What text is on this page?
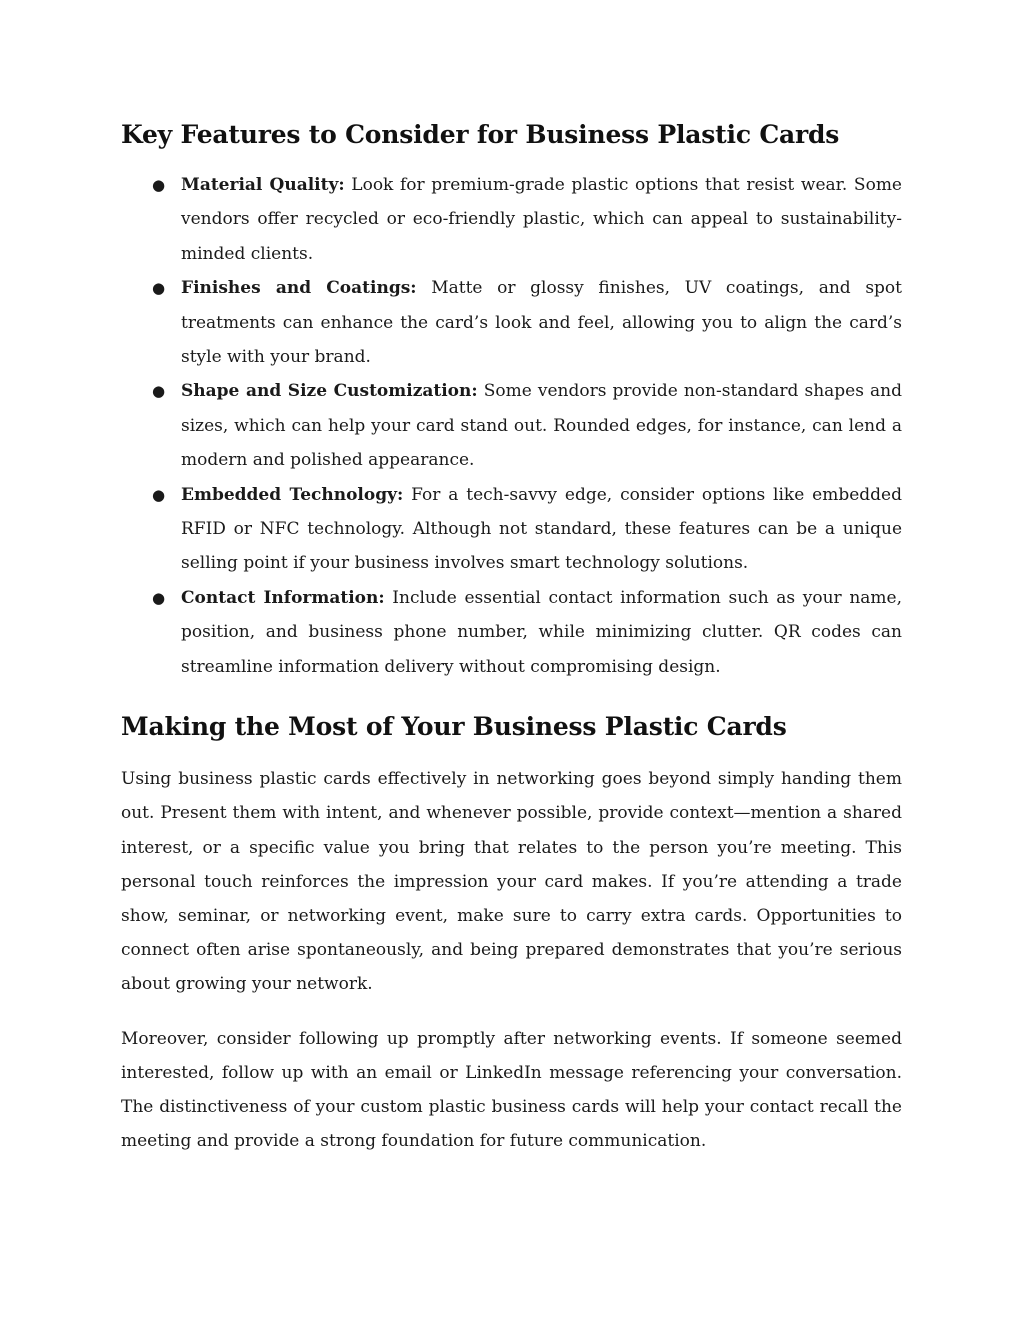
Key Features to Consider for Business Plastic Cards
● Material Quality: Look for premium-grade plastic options that resist wear. Some vendors offer recycled or eco-friendly plastic, which can appeal to sustainability-minded clients.
● Finishes and Coatings: Matte or glossy finishes, UV coatings, and spot treatments can enhance the card’s look and feel, allowing you to align the card’s style with your brand.
● Shape and Size Customization: Some vendors provide non-standard shapes and sizes, which can help your card stand out. Rounded edges, for instance, can lend a modern and polished appearance.
● Embedded Technology: For a tech-savvy edge, consider options like embedded RFID or NFC technology. Although not standard, these features can be a unique selling point if your business involves smart technology solutions.
● Contact Information: Include essential contact information such as your name, position, and business phone number, while minimizing clutter. QR codes can streamline information delivery without compromising design.
Making the Most of Your Business Plastic Cards

Using business plastic cards effectively in networking goes beyond simply handing them out. Present them with intent, and whenever possible, provide context—mention a shared interest, or a specific value you bring that relates to the person you’re meeting. This personal touch reinforces the impression your card makes. If you’re attending a trade show, seminar, or networking event, make sure to carry extra cards. Opportunities to connect often arise spontaneously, and being prepared demonstrates that you’re serious about growing your network.

Moreover, consider following up promptly after networking events. If someone seemed interested, follow up with an email or LinkedIn message referencing your conversation. The distinctiveness of your custom plastic business cards will help your contact recall the meeting and provide a strong foundation for future communication.
